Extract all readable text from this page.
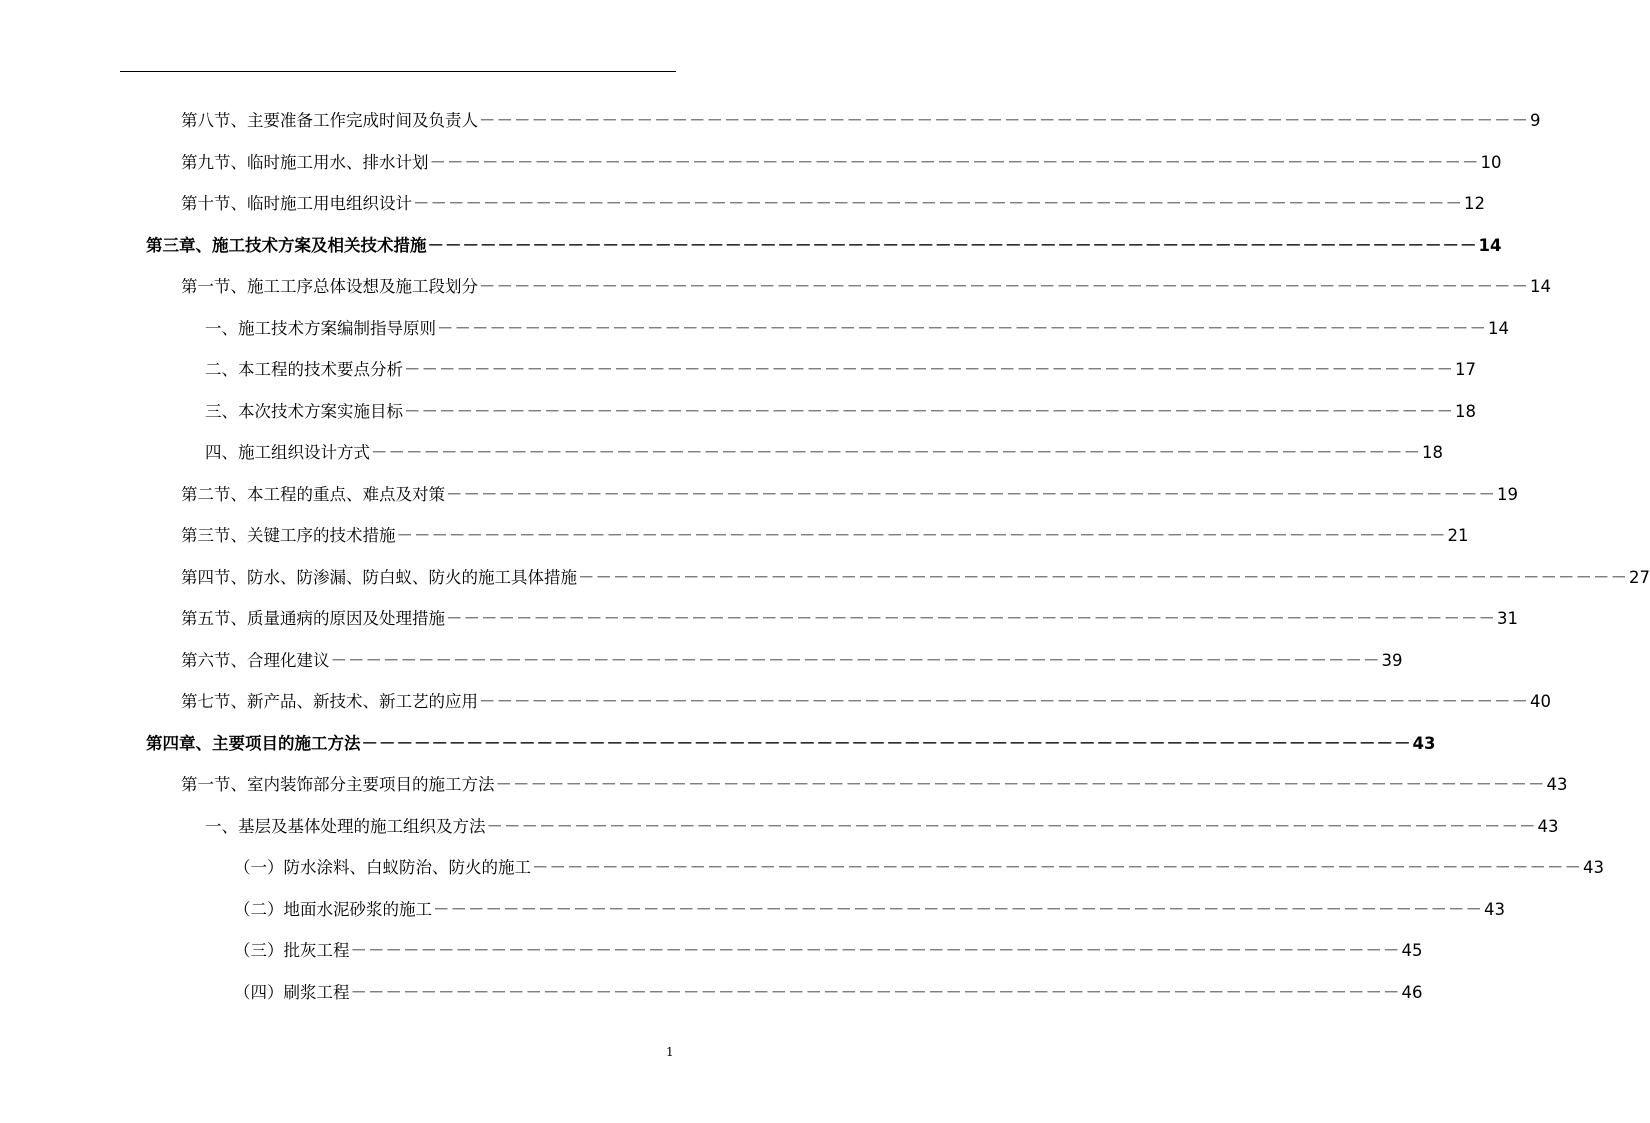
第八节、 主要准备工作完成时间及负责人 －－－－－－－－－－－－－－－－－－－－－－－－－－－－－－－－－－－－－－－－－－－－－－－－－－－－－－－－－－－－ 9
第九节、 临时施工用水、排水计划 －－－－－－－－－－－－－－－－－－－－－－－－－－－－－－－－－－－－－－－－－－－－－－－－－－－－－－－－－－－－ 10
第十节、 临时施工用电组织设计 －－－－－－－－－－－－－－－－－－－－－－－－－－－－－－－－－－－－－－－－－－－－－－－－－－－－－－－－－－－－ 12
第三章、 施工技术方案及相关技术措施 －－－－－－－－－－－－－－－－－－－－－－－－－－－－－－－－－－－－－－－－－－－－－－－－－－－－－－－－－－－－ 14
第一节、 施工工序总体设想及施工段划分 －－－－－－－－－－－－－－－－－－－－－－－－－－－－－－－－－－－－－－－－－－－－－－－－－－－－－－－－－－－－ 14
一、 施工技术方案编制指导原则 －－－－－－－－－－－－－－－－－－－－－－－－－－－－－－－－－－－－－－－－－－－－－－－－－－－－－－－－－－－－ 14
二、 本工程的技术要点分析 －－－－－－－－－－－－－－－－－－－－－－－－－－－－－－－－－－－－－－－－－－－－－－－－－－－－－－－－－－－－ 17
三、 本次技术方案实施目标 －－－－－－－－－－－－－－－－－－－－－－－－－－－－－－－－－－－－－－－－－－－－－－－－－－－－－－－－－－－－ 18
四、 施工组织设计方式 －－－－－－－－－－－－－－－－－－－－－－－－－－－－－－－－－－－－－－－－－－－－－－－－－－－－－－－－－－－－ 18
第二节、 本工程的重点、难点及对策 －－－－－－－－－－－－－－－－－－－－－－－－－－－－－－－－－－－－－－－－－－－－－－－－－－－－－－－－－－－－ 19
第三节、 关键工序的技术措施 －－－－－－－－－－－－－－－－－－－－－－－－－－－－－－－－－－－－－－－－－－－－－－－－－－－－－－－－－－－－ 21
第四节、 防水、防渗漏、防白蚁、防火的施工具体措施 －－－－－－－－－－－－－－－－－－－－－－－－－－－－－－－－－－－－－－－－－－－－－－－－－－－－－－－－－－－－ 27
第五节、 质量通病的原因及处理措施 －－－－－－－－－－－－－－－－－－－－－－－－－－－－－－－－－－－－－－－－－－－－－－－－－－－－－－－－－－－－ 31
第六节、 合理化建议 －－－－－－－－－－－－－－－－－－－－－－－－－－－－－－－－－－－－－－－－－－－－－－－－－－－－－－－－－－－－ 39
第七节、 新产品、新技术、新工艺的应用 －－－－－－－－－－－－－－－－－－－－－－－－－－－－－－－－－－－－－－－－－－－－－－－－－－－－－－－－－－－－ 40
第四章、 主要项目的施工方法 －－－－－－－－－－－－－－－－－－－－－－－－－－－－－－－－－－－－－－－－－－－－－－－－－－－－－－－－－－－－ 43
第一节、 室内装饰部分主要项目的施工方法 －－－－－－－－－－－－－－－－－－－－－－－－－－－－－－－－－－－－－－－－－－－－－－－－－－－－－－－－－－－－ 43
一、 基层及基体处理的施工组织及方法 －－－－－－－－－－－－－－－－－－－－－－－－－－－－－－－－－－－－－－－－－－－－－－－－－－－－－－－－－－－－ 43
（一） 防水涂料、白蚁防治、防火的施工 －－－－－－－－－－－－－－－－－－－－－－－－－－－－－－－－－－－－－－－－－－－－－－－－－－－－－－－－－－－－ 43
（二） 地面水泥砂浆的施工 －－－－－－－－－－－－－－－－－－－－－－－－－－－－－－－－－－－－－－－－－－－－－－－－－－－－－－－－－－－－ 43
（三） 批灰工程 －－－－－－－－－－－－－－－－－－－－－－－－－－－－－－－－－－－－－－－－－－－－－－－－－－－－－－－－－－－－ 45
（四） 刷浆工程 －－－－－－－－－－－－－－－－－－－－－－－－－－－－－－－－－－－－－－－－－－－－－－－－－－－－－－－－－－－－ 46
1
